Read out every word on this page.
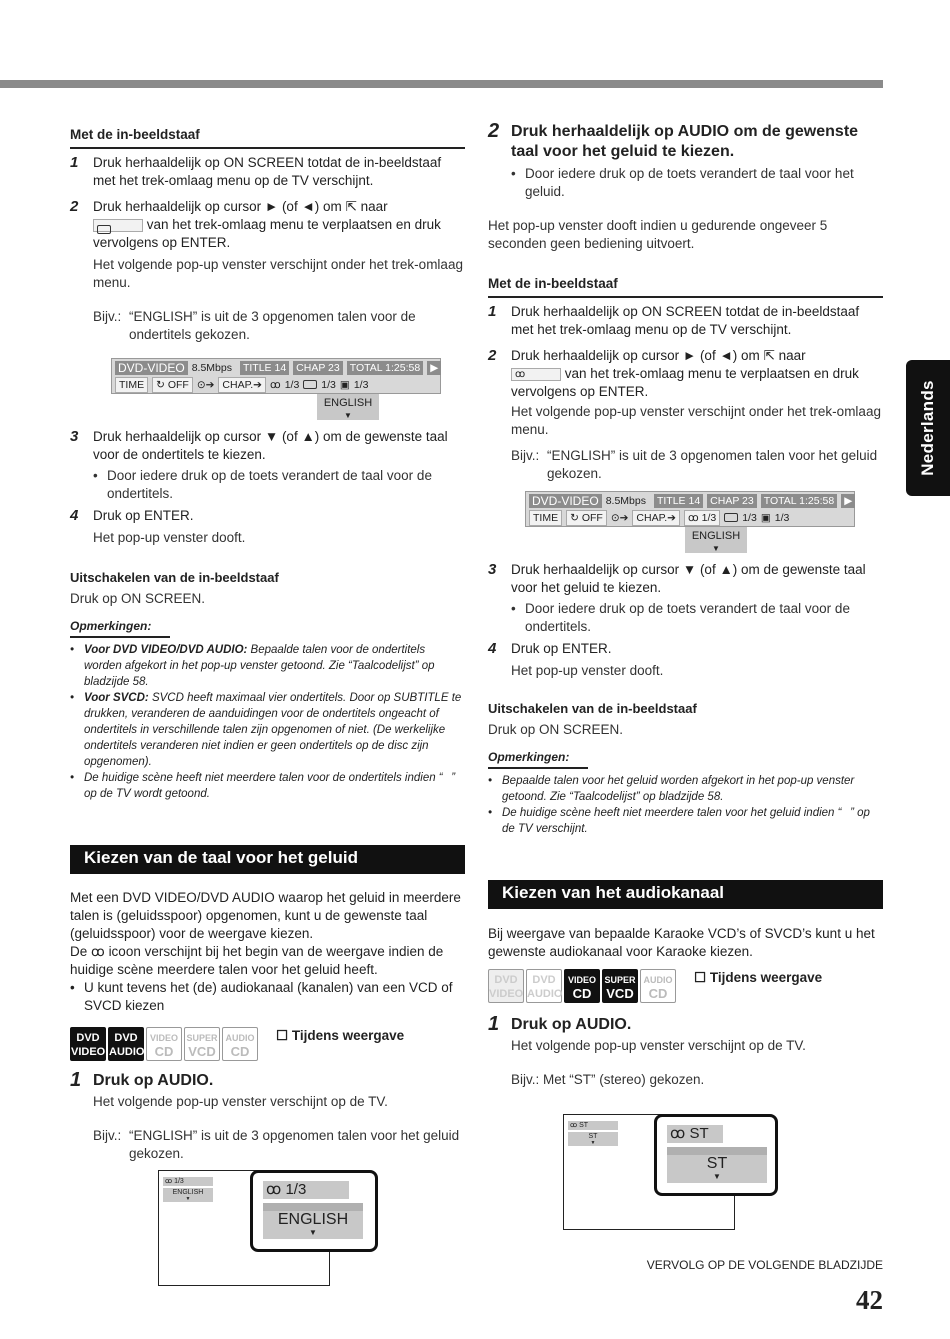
Nederlands
Met de in-beeldstaaf
1	Druk herhaaldelijk op ON SCREEN totdat de in-beeldstaaf met het trek-omlaag menu op de TV verschijnt.
2	Druk herhaaldelijk op cursor ► (of ◄) om ⇱ naar
van het trek-omlaag menu te verplaatsen en druk vervolgens op ENTER.
Het volgende pop-up venster verschijnt onder het trek-omlaag menu.
Bijv.: “ENGLISH” is uit de 3 opgenomen talen voor de ondertitels gekozen.
DVD-VIDEO 8.5Mbps TITLE 14 CHAP 23 TOTAL 1:25:58 ▶
TIME	↻ OFF ⊙➔ CHAP.➔ ꝏ 1/3 1/3 ▣ 1/3
ENGLISH
▼
3	Druk herhaaldelijk op cursor ▼ (of ▲) om de gewenste taal voor de ondertitels te kiezen.
• Door iedere druk op de toets verandert de taal voor de ondertitels.
4	Druk op ENTER.
Het pop-up venster dooft.
Uitschakelen van de in-beeldstaaf
Druk op ON SCREEN.
Opmerkingen:
• Voor DVD VIDEO/DVD AUDIO: Bepaalde talen voor de ondertitels worden afgekort in het pop-up venster getoond. Zie “Taalcodelijst” op bladzijde 58.
• Voor SVCD: SVCD heeft maximaal vier ondertitels. Door op SUBTITLE te drukken, veranderen de aanduidingen voor de ondertitels ongeacht of ondertitels in verschillende talen zijn opgenomen of niet. (De werkelijke ondertitels veranderen niet indien er geen ondertitels op de disc zijn opgenomen).
• De huidige scène heeft niet meerdere talen voor de ondertitels indien “” op de TV wordt getoond.
Kiezen van de taal voor het geluid
Met een DVD VIDEO/DVD AUDIO waarop het geluid in meerdere talen is (geluidsspoor) opgenomen, kunt u de gewenste taal (geluidsspoor) voor de weergave kiezen.
De ꝏ icoon verschijnt bij het begin van de weergave indien de huidige scène meerdere talen voor het geluid heeft.
• U kunt tevens het (de) audiokanaal (kanalen) van een VCD of SVCD kiezen
DVD
VIDEO
DVD
AUDIO
VIDEO
CD
SUPER
VCD
AUDIO
CD
☐ Tijdens weergave
1 Druk op AUDIO.
Het volgende pop-up venster verschijnt op de TV.
Bijv.: “ENGLISH” is uit de 3 opgenomen talen voor het geluid gekozen.
ꝏ 1/3
ENGLISH
▼
ꝏ 1/3
ENGLISH
▼
2 Druk herhaaldelijk op AUDIO om de gewenste taal voor het geluid te kiezen.
• Door iedere druk op de toets verandert de taal voor het geluid.
Het pop-up venster dooft indien u gedurende ongeveer 5 seconden geen bediening uitvoert.
Met de in-beeldstaaf
1	Druk herhaaldelijk op ON SCREEN totdat de in-beeldstaaf met het trek-omlaag menu op de TV verschijnt.
2	Druk herhaaldelijk op cursor ► (of ◄) om ⇱ naar
ꝏ	van het trek-omlaag menu te verplaatsen en druk vervolgens op ENTER.
Het volgende pop-up venster verschijnt onder het trek-omlaag menu.
Bijv.: “ENGLISH” is uit de 3 opgenomen talen voor het geluid gekozen.
DVD-VIDEO 8.5Mbps TITLE 14 CHAP 23 TOTAL 1:25:58 ▶
TIME	↻ OFF ⊙➔ CHAP.➔	ꝏ 1/3	1/3 ▣ 1/3
ENGLISH
▼
3	Druk herhaaldelijk op cursor ▼ (of ▲) om de gewenste taal voor het geluid te kiezen.
• Door iedere druk op de toets verandert de taal voor de ondertitels.
4	Druk op ENTER.
Het pop-up venster dooft.
Uitschakelen van de in-beeldstaaf
Druk op ON SCREEN.
Opmerkingen:
• Bepaalde talen voor het geluid worden afgekort in het pop-up venster getoond. Zie “Taalcodelijst” op bladzijde 58.
• De huidige scène heeft niet meerdere talen voor het geluid indien “” op de TV verschijnt.
Kiezen van het audiokanaal
Bij weergave van bepaalde Karaoke VCD’s of SVCD’s kunt u het gewenste audiokanaal voor Karaoke kiezen.
DVD
VIDEO
DVD
AUDIO
VIDEO
CD
SUPER
VCD
AUDIO
CD
☐ Tijdens weergave
1 Druk op AUDIO.
Het volgende pop-up venster verschijnt op de TV.
Bijv.: Met “ST” (stereo) gekozen.
ꝏ ST
ST
▼
ꝏ ST
ST
▼
VERVOLG OP DE VOLGENDE BLADZIJDE
42
